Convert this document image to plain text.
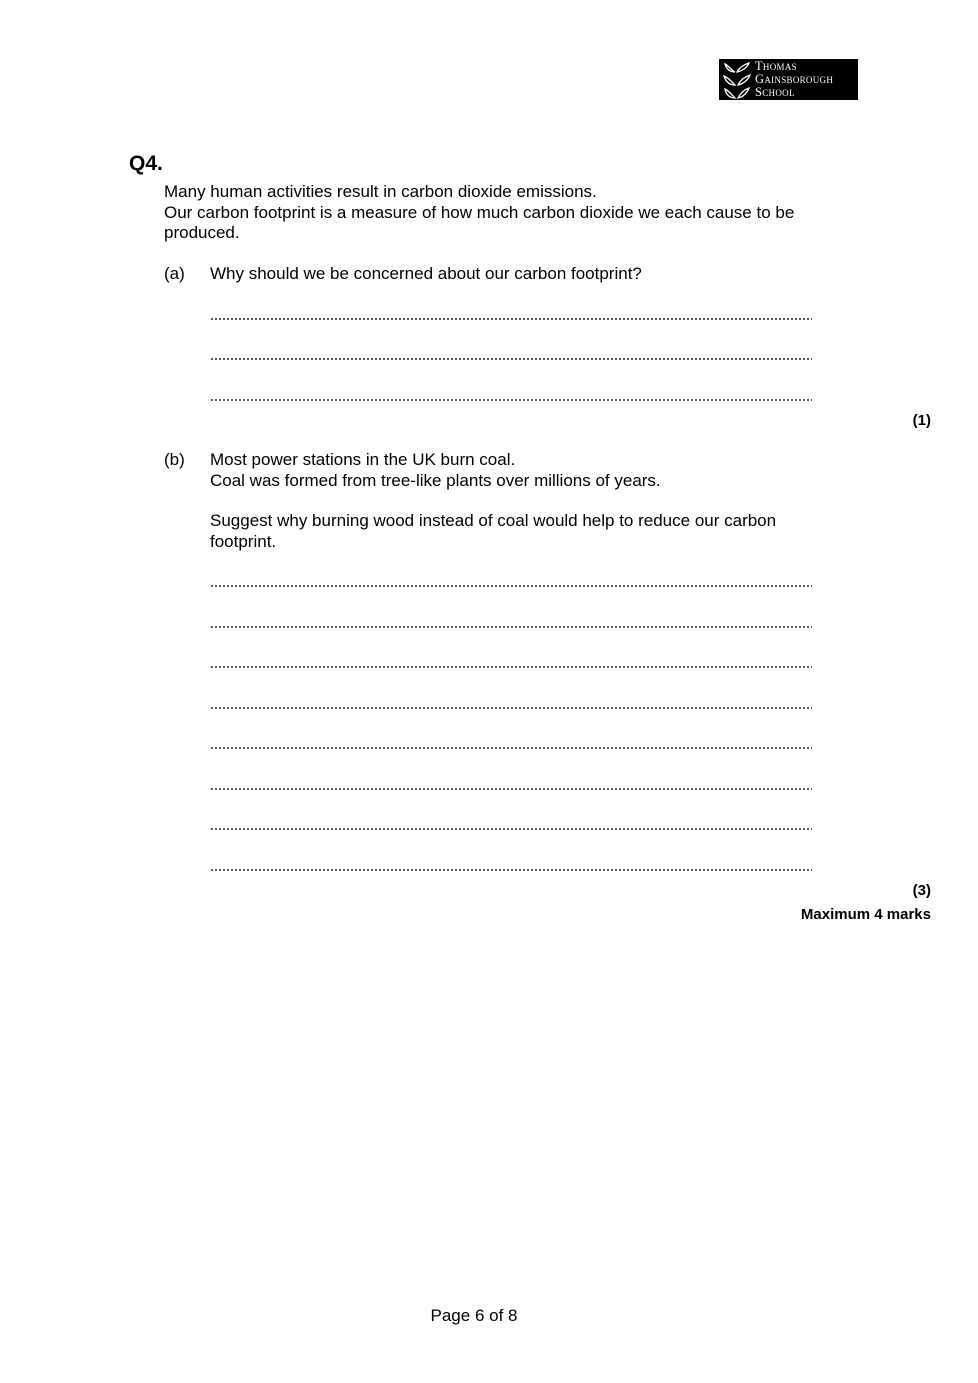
Thomas
Gainsborough
School
Q4.
Many human activities result in carbon dioxide emissions.
Our carbon footprint is a measure of how much carbon dioxide we each cause to be
produced.
(a) Why should we be concerned about our carbon footprint?
(1)
(b) Most power stations in the UK burn coal.
Coal was formed from tree-like plants over millions of years.
Suggest why burning wood instead of coal would help to reduce our carbon
footprint.
(3)
Maximum 4 marks
Page 6 of 8
